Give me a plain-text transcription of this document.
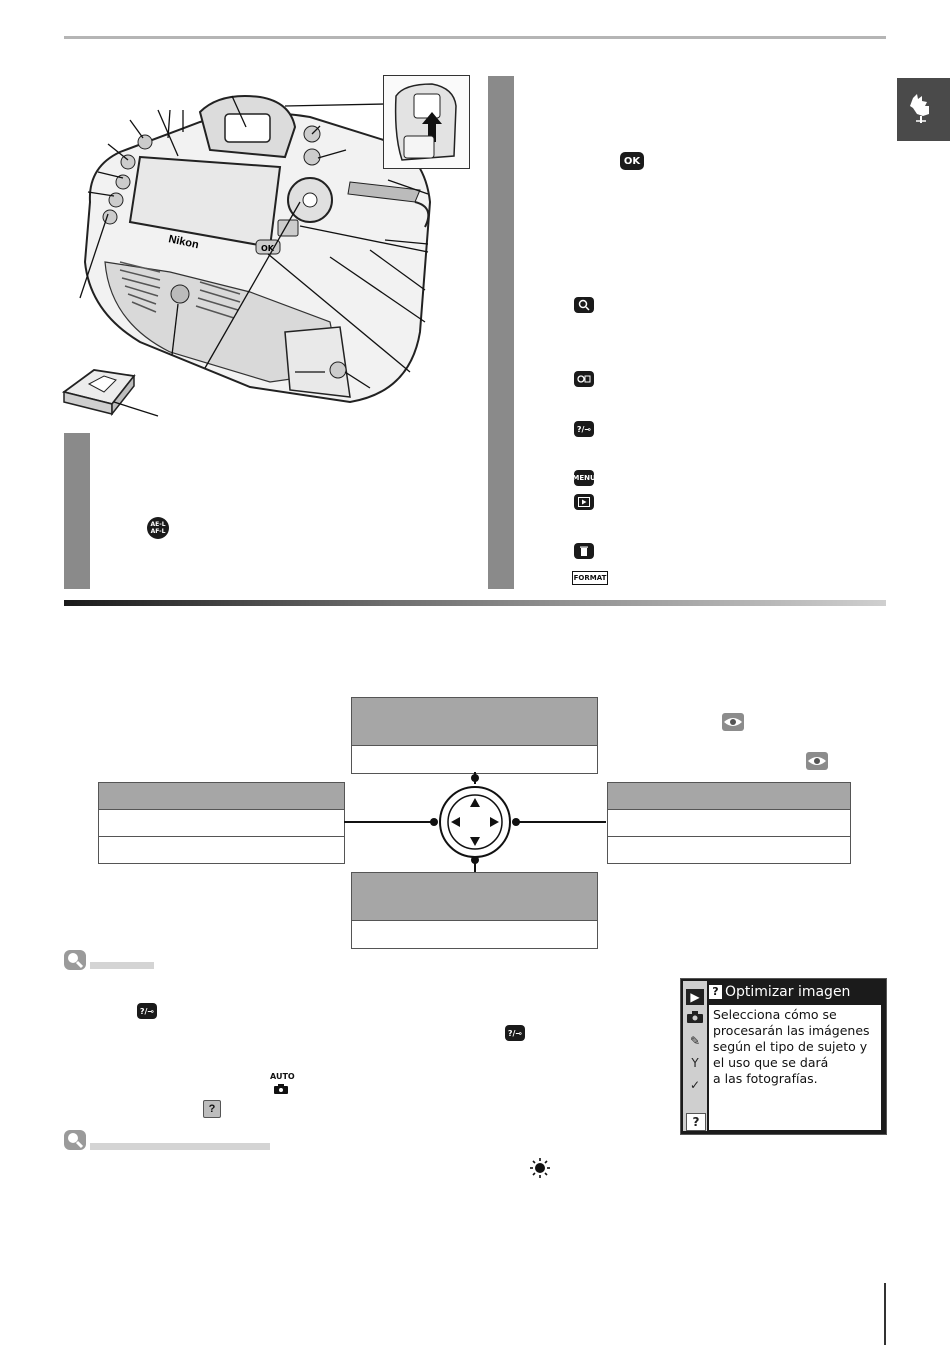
Nikon	OK
AE-L AF-L
OK
?/⊸
MENU
FORMAT
?/⊸
?/⊸
AUTO
?
▶
✎
Y
✓
?
? Optimizar imagen
Selecciona cómo se
procesarán las imágenes
según el tipo de sujeto y
el uso que se dará
a las fotografías.
